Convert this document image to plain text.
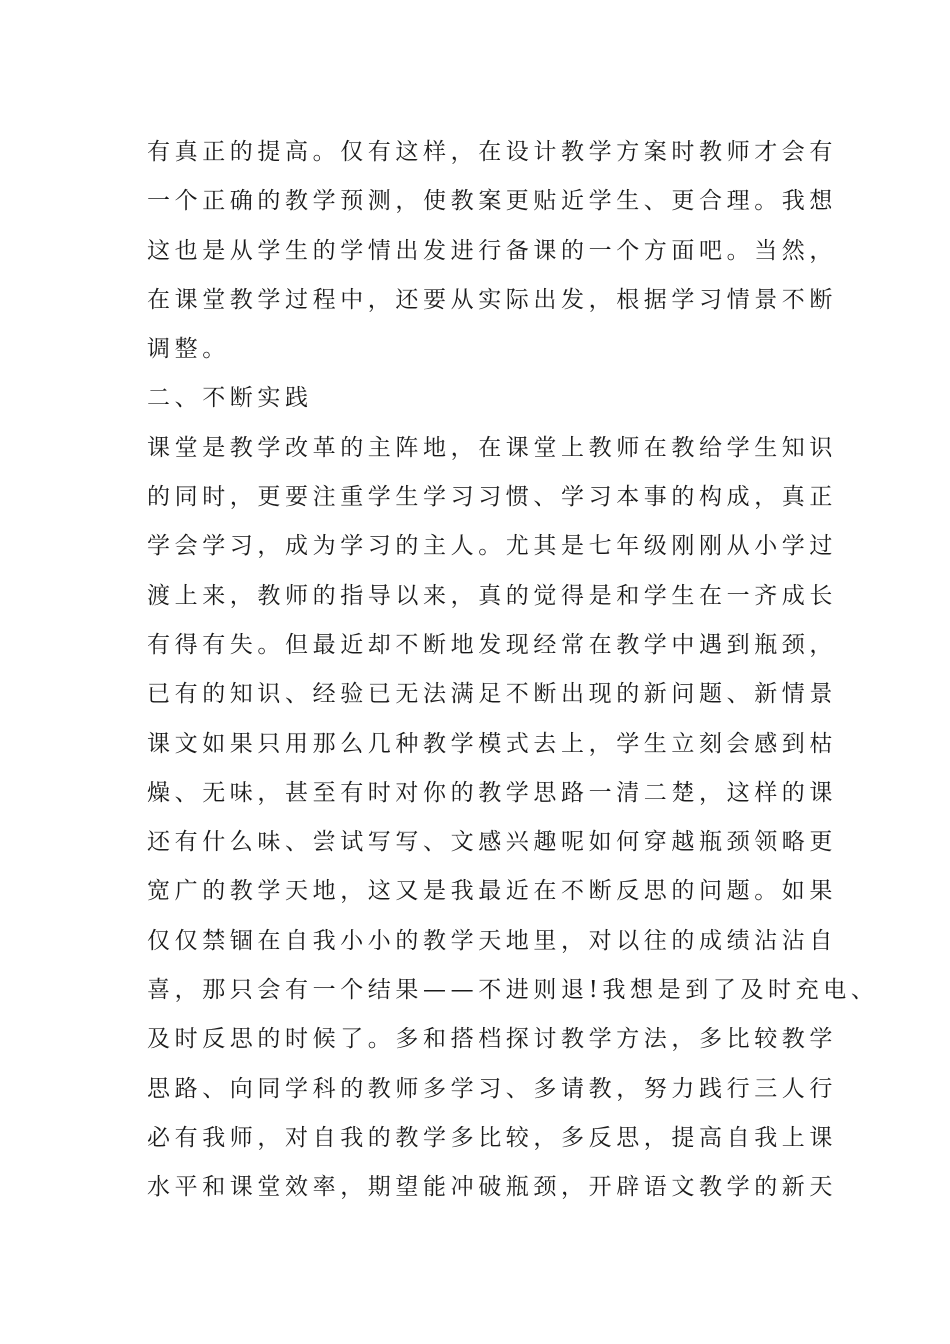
有真正的提高。仅有这样，在设计教学方案时教师才会有
一个正确的教学预测，使教案更贴近学生、更合理。我想
这也是从学生的学情出发进行备课的一个方面吧。当然，
在课堂教学过程中，还要从实际出发，根据学习情景不断
调整。
二、不断实践
课堂是教学改革的主阵地，在课堂上教师在教给学生知识
的同时，更要注重学生学习习惯、学习本事的构成，真正
学会学习，成为学习的主人。尤其是七年级刚刚从小学过
渡上来，教师的指导以来，真的觉得是和学生在一齐成长
有得有失。但最近却不断地发现经常在教学中遇到瓶颈，
已有的知识、经验已无法满足不断出现的新问题、新情景
课文如果只用那么几种教学模式去上，学生立刻会感到枯
燥、无味，甚至有时对你的教学思路一清二楚，这样的课
还有什么味、尝试写写、文感兴趣呢如何穿越瓶颈领略更
宽广的教学天地，这又是我最近在不断反思的问题。如果
仅仅禁锢在自我小小的教学天地里，对以往的成绩沾沾自
喜，那只会有一个结果——不进则退!我想是到了及时充电、
及时反思的时候了。多和搭档探讨教学方法，多比较教学
思路、向同学科的教师多学习、多请教，努力践行三人行
必有我师，对自我的教学多比较，多反思，提高自我上课
水平和课堂效率，期望能冲破瓶颈，开辟语文教学的新天
